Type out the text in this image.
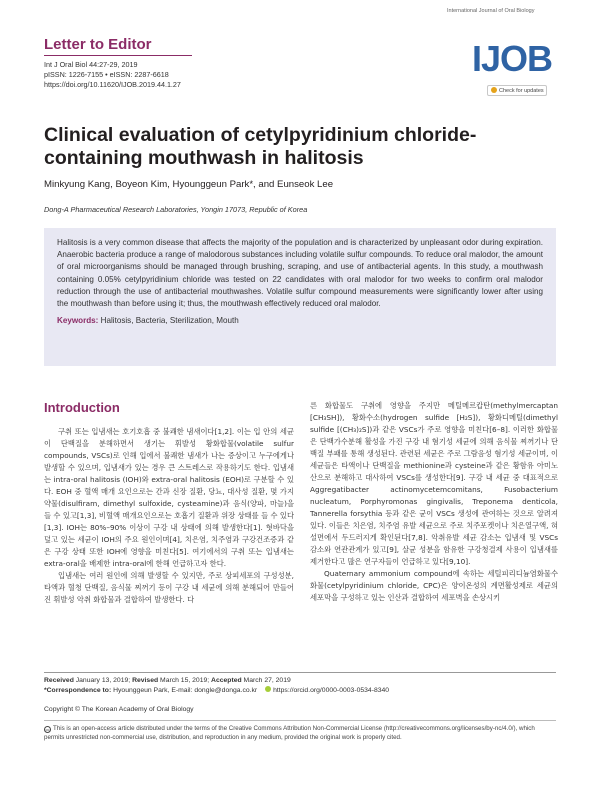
Letter to Editor
Int J Oral Biol 44:27-29, 2019
pISSN: 1226-7155 • eISSN: 2287-6618
https://doi.org/10.11620/IJOB.2019.44.1.27
International Journal of Oral Biology
IJOB
Check for updates
Clinical evaluation of cetylpyridinium chloride-containing mouthwash in halitosis
Minkyung Kang, Boyeon Kim, Hyounggeun Park*, and Eunseok Lee
Dong-A Pharmaceutical Research Laboratories, Yongin 17073, Republic of Korea
Halitosis is a very common disease that affects the majority of the population and is characterized by unpleasant odor during expiration. Anaerobic bacteria produce a range of malodorous substances including volatile sulfur compounds. To reduce oral malodor, the amount of oral microorganisms should be managed through brushing, scraping, and use of antibacterial agents. In this study, a mouthwash containing 0.05% cetylpyridinium chloride was tested on 22 candidates with oral malodor for two weeks to confirm oral malodor reduction through the use of antibacterial mouthwashes. Volatile sulfur compound measurements were significantly lower after using the mouthwash than before using it; thus, the mouthwash effectively reduced oral malodor.
Keywords: Halitosis, Bacteria, Sterilization, Mouth
Introduction

구취 또는 입냄새는 호기호흡 중 불쾌한 냄새이다[1,2]. 이는 입 안의 세균이 단백질을 분해하면서 생기는 휘발성 황화합물(volatile sulfur compounds, VSCs)로 인해 입에서 불쾌한 냄새가 나는 증상이고 누구에게나 발생할 수 있으며, 입냄새가 있는 경우 큰 스트레스로 작용하기도 한다. 입냄새는 intra-oral halitosis (IOH)와 extra-oral halitosis (EOH)로 구분할 수 있다. EOH 중 혈액 매개 요인으로는 간과 신장 질환, 당뇨, 대사성 질환, 몇 가지 약물(disulfiram, dimethyl sulfoxide, cysteamine)과 음식(양파, 마늘)을 들 수 있고[1,3], 비혈액 매개요인으로는 호흡기 질환과 위장 상태를 들 수 있다[1,3]. IOH는 80%–90% 이상이 구강 내 상태에 의해 발생한다[1]. 혓바닥을 덮고 있는 세균이 IOH의 주요 원인이며[4], 치은염, 치주염과 구강건조증과 같은 구강 상태 또한 IOH에 영향을 미친다[5]. 여기에서의 구취 또는 입냄새는 extra-oral을 배제한 intra-oral에 한해 언급하고자 한다.

입냄새는 여러 원인에 의해 발생할 수 있지만, 주로 상피세포의 구성성분, 타액과 혈청 단백질, 음식물 찌꺼기 등이 구강 내 세균에 의해 분해되어 만들어진 휘발성 악취 화합물과 결합하여 발생한다. 다

른 화합물도 구취에 영향을 주지만 메틸메르캅탄(methylmercaptan [CH₃SH]), 황화수소(hydrogen sulfide [H₂S]), 황화디메틸(dimethyl sulfide [(CH₃)₂S])과 같은 VSCs가 주로 영향을 미친다[6–8]. 이러한 화합물은 단백가수분해 활성을 가진 구강 내 혐기성 세균에 의해 음식물 찌꺼기나 단백질 부패를 통해 생성된다. 관련된 세균은 주로 그람음성 혐기성 세균이며, 이 세균들은 타액이나 단백질을 methionine과 cysteine과 같은 황함유 아미노산으로 분해하고 대사하여 VSCs를 생성한다[9]. 구강 내 세균 중 대표적으로 Aggregatibacter actinomycetemcomitans, Fusobacterium nucleatum, Porphyromonas gingivalis, Treponema denticola, Tannerella forsythia 등과 같은 균이 VSCs 생성에 관여하는 것으로 알려져 있다. 이들은 치은염, 치주염 유발 세균으로 주로 치주포켓이나 치은열구액, 혀설면에서 두드러지게 확인된다[7,8]. 악취유발 세균 감소는 입냄새 및 VSCs 감소와 연관관계가 있고[9], 살균 성분을 함유한 구강청결제 사용이 입냄새를 제거한다고 많은 연구자들이 언급하고 있다[9,10].

Quaternary ammonium compound에 속하는 세틸피리디늄염화물수화물(cetylpyridinium chloride, CPC)은 양이온성의 계면활성제로 세균의 세포막을 구성하고 있는 인산과 결합하여 세포벽을 손상시키

Received January 13, 2019; Revised March 15, 2019; Accepted March 27, 2019
*Correspondence to: Hyounggeun Park, E-mail: dongle@donga.co.kr https://orcid.org/0000-0003-0534-8340
Copyright © The Korean Academy of Oral Biology
cc This is an open-access article distributed under the terms of the Creative Commons Attribution Non-Commercial License (http://creativecommons.org/licenses/by-nc/4.0/), which permits unrestricted non-commercial use, distribution, and reproduction in any medium, provided the original work is properly cited.
